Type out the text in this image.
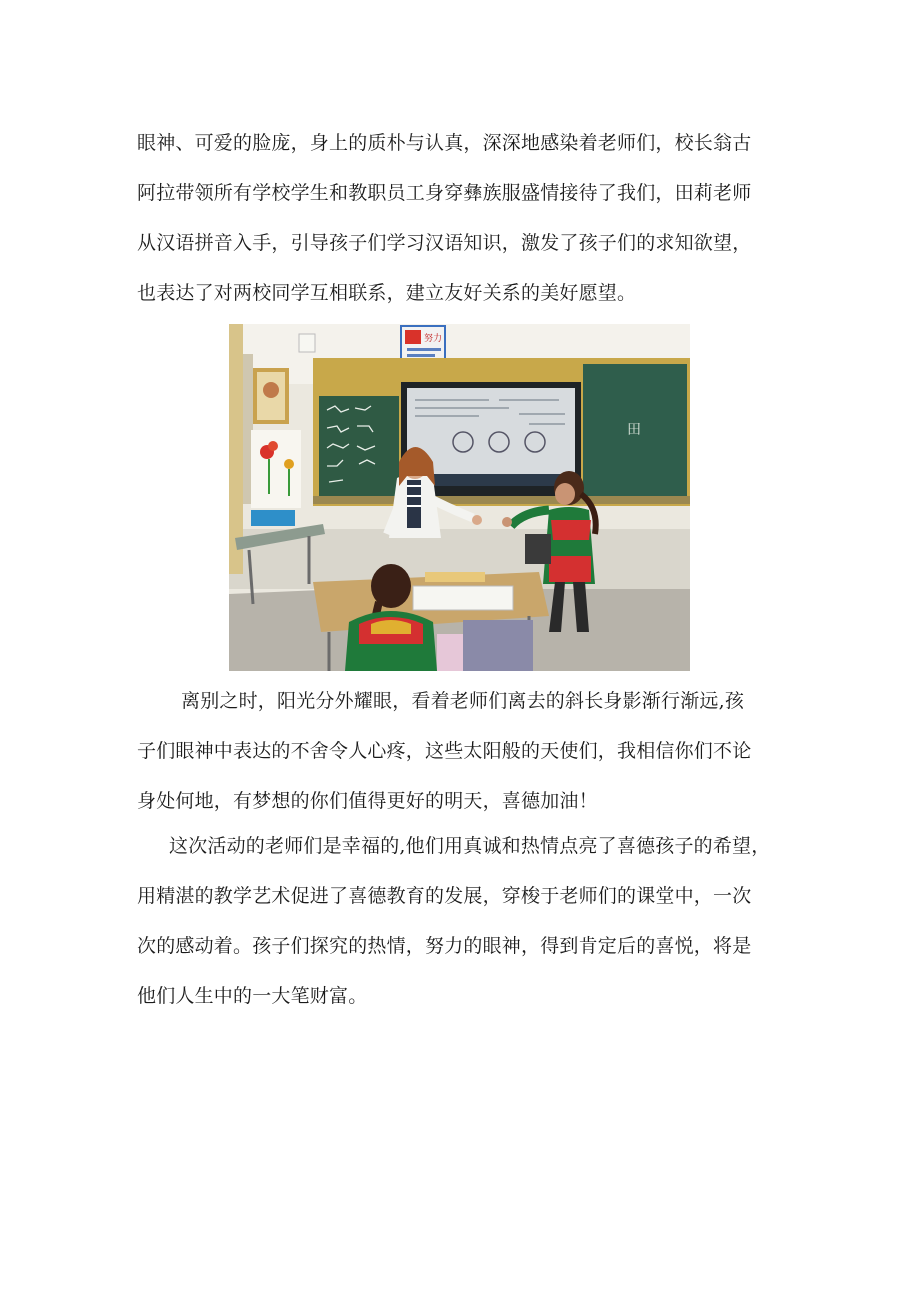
眼神、可爱的脸庞，身上的质朴与认真，深深地感染着老师们，校长翁古
阿拉带领所有学校学生和教职员工身穿彝族服盛情接待了我们，田莉老师
从汉语拼音入手，引导孩子们学习汉语知识，激发了孩子们的求知欲望，
也表达了对两校同学互相联系，建立友好关系的美好愿望。

努力
田

离别之时，阳光分外耀眼，看着老师们离去的斜长身影渐行渐远,孩
子们眼神中表达的不舍令人心疼，这些太阳般的天使们，我相信你们不论
身处何地，有梦想的你们值得更好的明天，喜德加油！

这次活动的老师们是幸福的,他们用真诚和热情点亮了喜德孩子的希望，
用精湛的教学艺术促进了喜德教育的发展，穿梭于老师们的课堂中，一次
次的感动着。孩子们探究的热情，努力的眼神，得到肯定后的喜悦，将是
他们人生中的一大笔财富。
